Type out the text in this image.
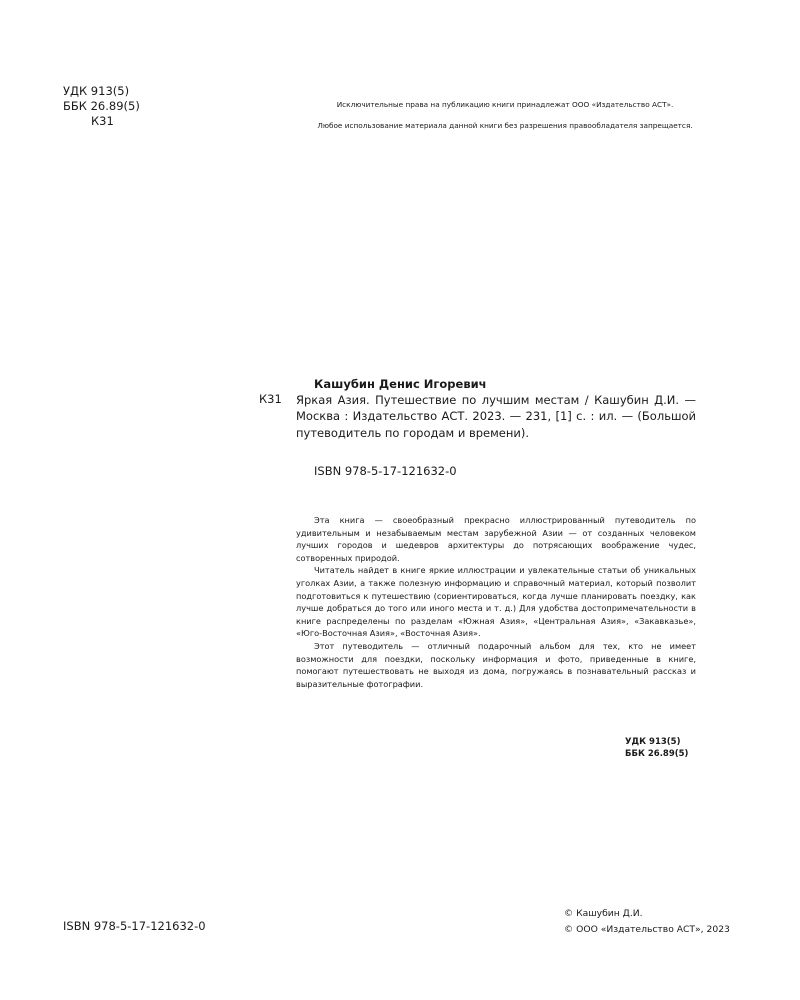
УДК 913(5)
ББК 26.89(5)
К31
Исключительные права на публикацию книги принадлежат ООО «Издательство АСТ».
Любое использование материала данной книги без разрешения правообладателя запрещается.
Кашубин Денис Игоревич
К31 Яркая Азия. Путешествие по лучшим местам / Кашубин Д.И. — Москва : Издательство АСТ. 2023. — 231, [1] с. : ил. — (Большой путеводитель по городам и времени).
ISBN 978-5-17-121632-0

Эта книга — своеобразный прекрасно иллюстрированный путеводитель по удивительным и незабываемым местам зарубежной Азии — от созданных человеком лучших городов и шедевров архитектуры до потрясающих воображение чудес, сотворенных природой.

Читатель найдет в книге яркие иллюстрации и увлекательные статьи об уникальных уголках Азии, а также полезную информацию и справочный материал, который позволит подготовиться к путешествию (сориентироваться, когда лучше планировать поездку, как лучше добраться до того или иного места и т. д.) Для удобства достопримечательности в книге распределены по разделам «Южная Азия», «Центральная Азия», «Закавказье», «Юго-Восточная Азия», «Восточная Азия».

Этот путеводитель — отличный подарочный альбом для тех, кто не имеет возможности для поездки, поскольку информация и фото, приведенные в книге, помогают путешествовать не выходя из дома, погружаясь в познавательный рассказ и выразительные фотографии.

УДК 913(5)
ББК 26.89(5)
ISBN 978-5-17-121632-0
© Кашубин Д.И.
© ООО «Издательство АСТ», 2023
